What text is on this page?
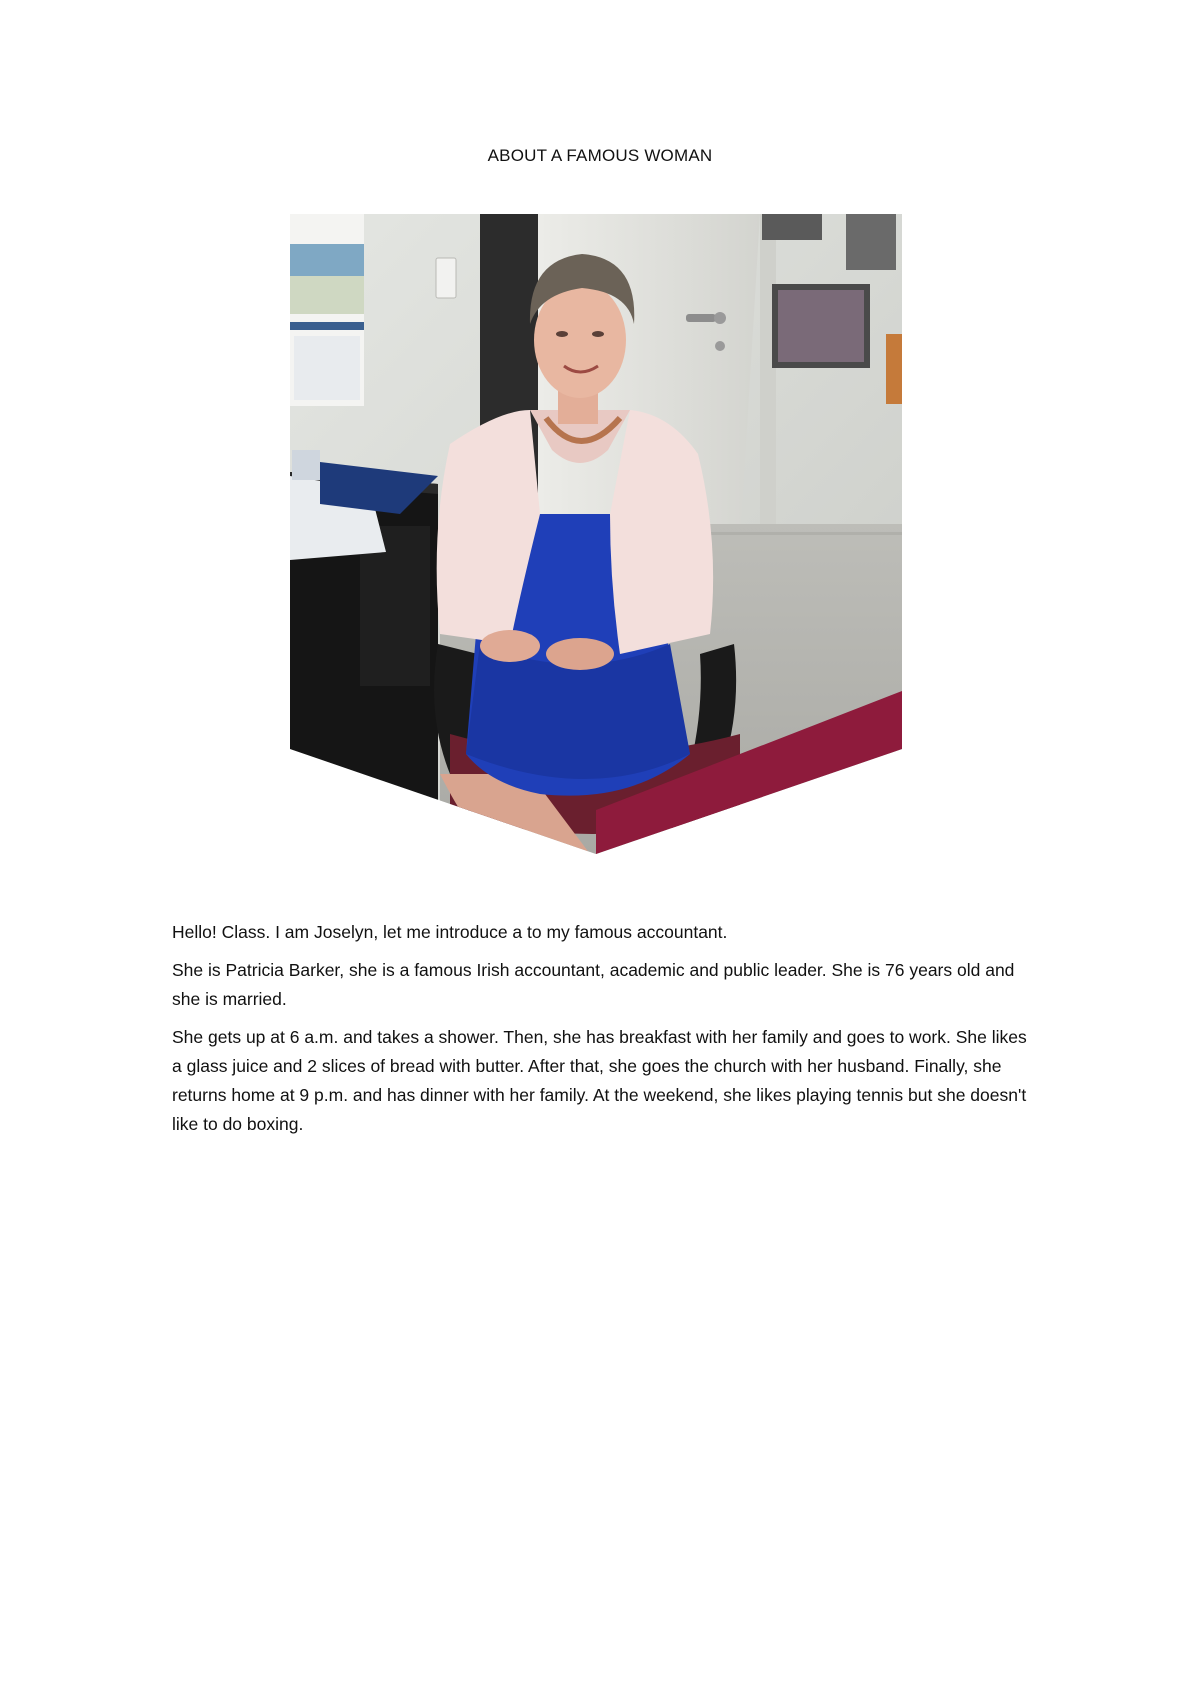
ABOUT A FAMOUS WOMAN

Hello! Class. I am Joselyn, let me introduce a to my famous accountant.

She is Patricia Barker, she is a famous Irish accountant, academic and public leader. She is 76 years old and she is married.

She gets up at 6 a.m. and takes a shower. Then, she has breakfast with her family and goes to work. She likes a glass juice and 2 slices of bread with butter. After that, she goes the church with her husband. Finally, she returns home at 9 p.m. and has dinner with her family. At the weekend, she likes playing tennis but she doesn't like to do boxing.
